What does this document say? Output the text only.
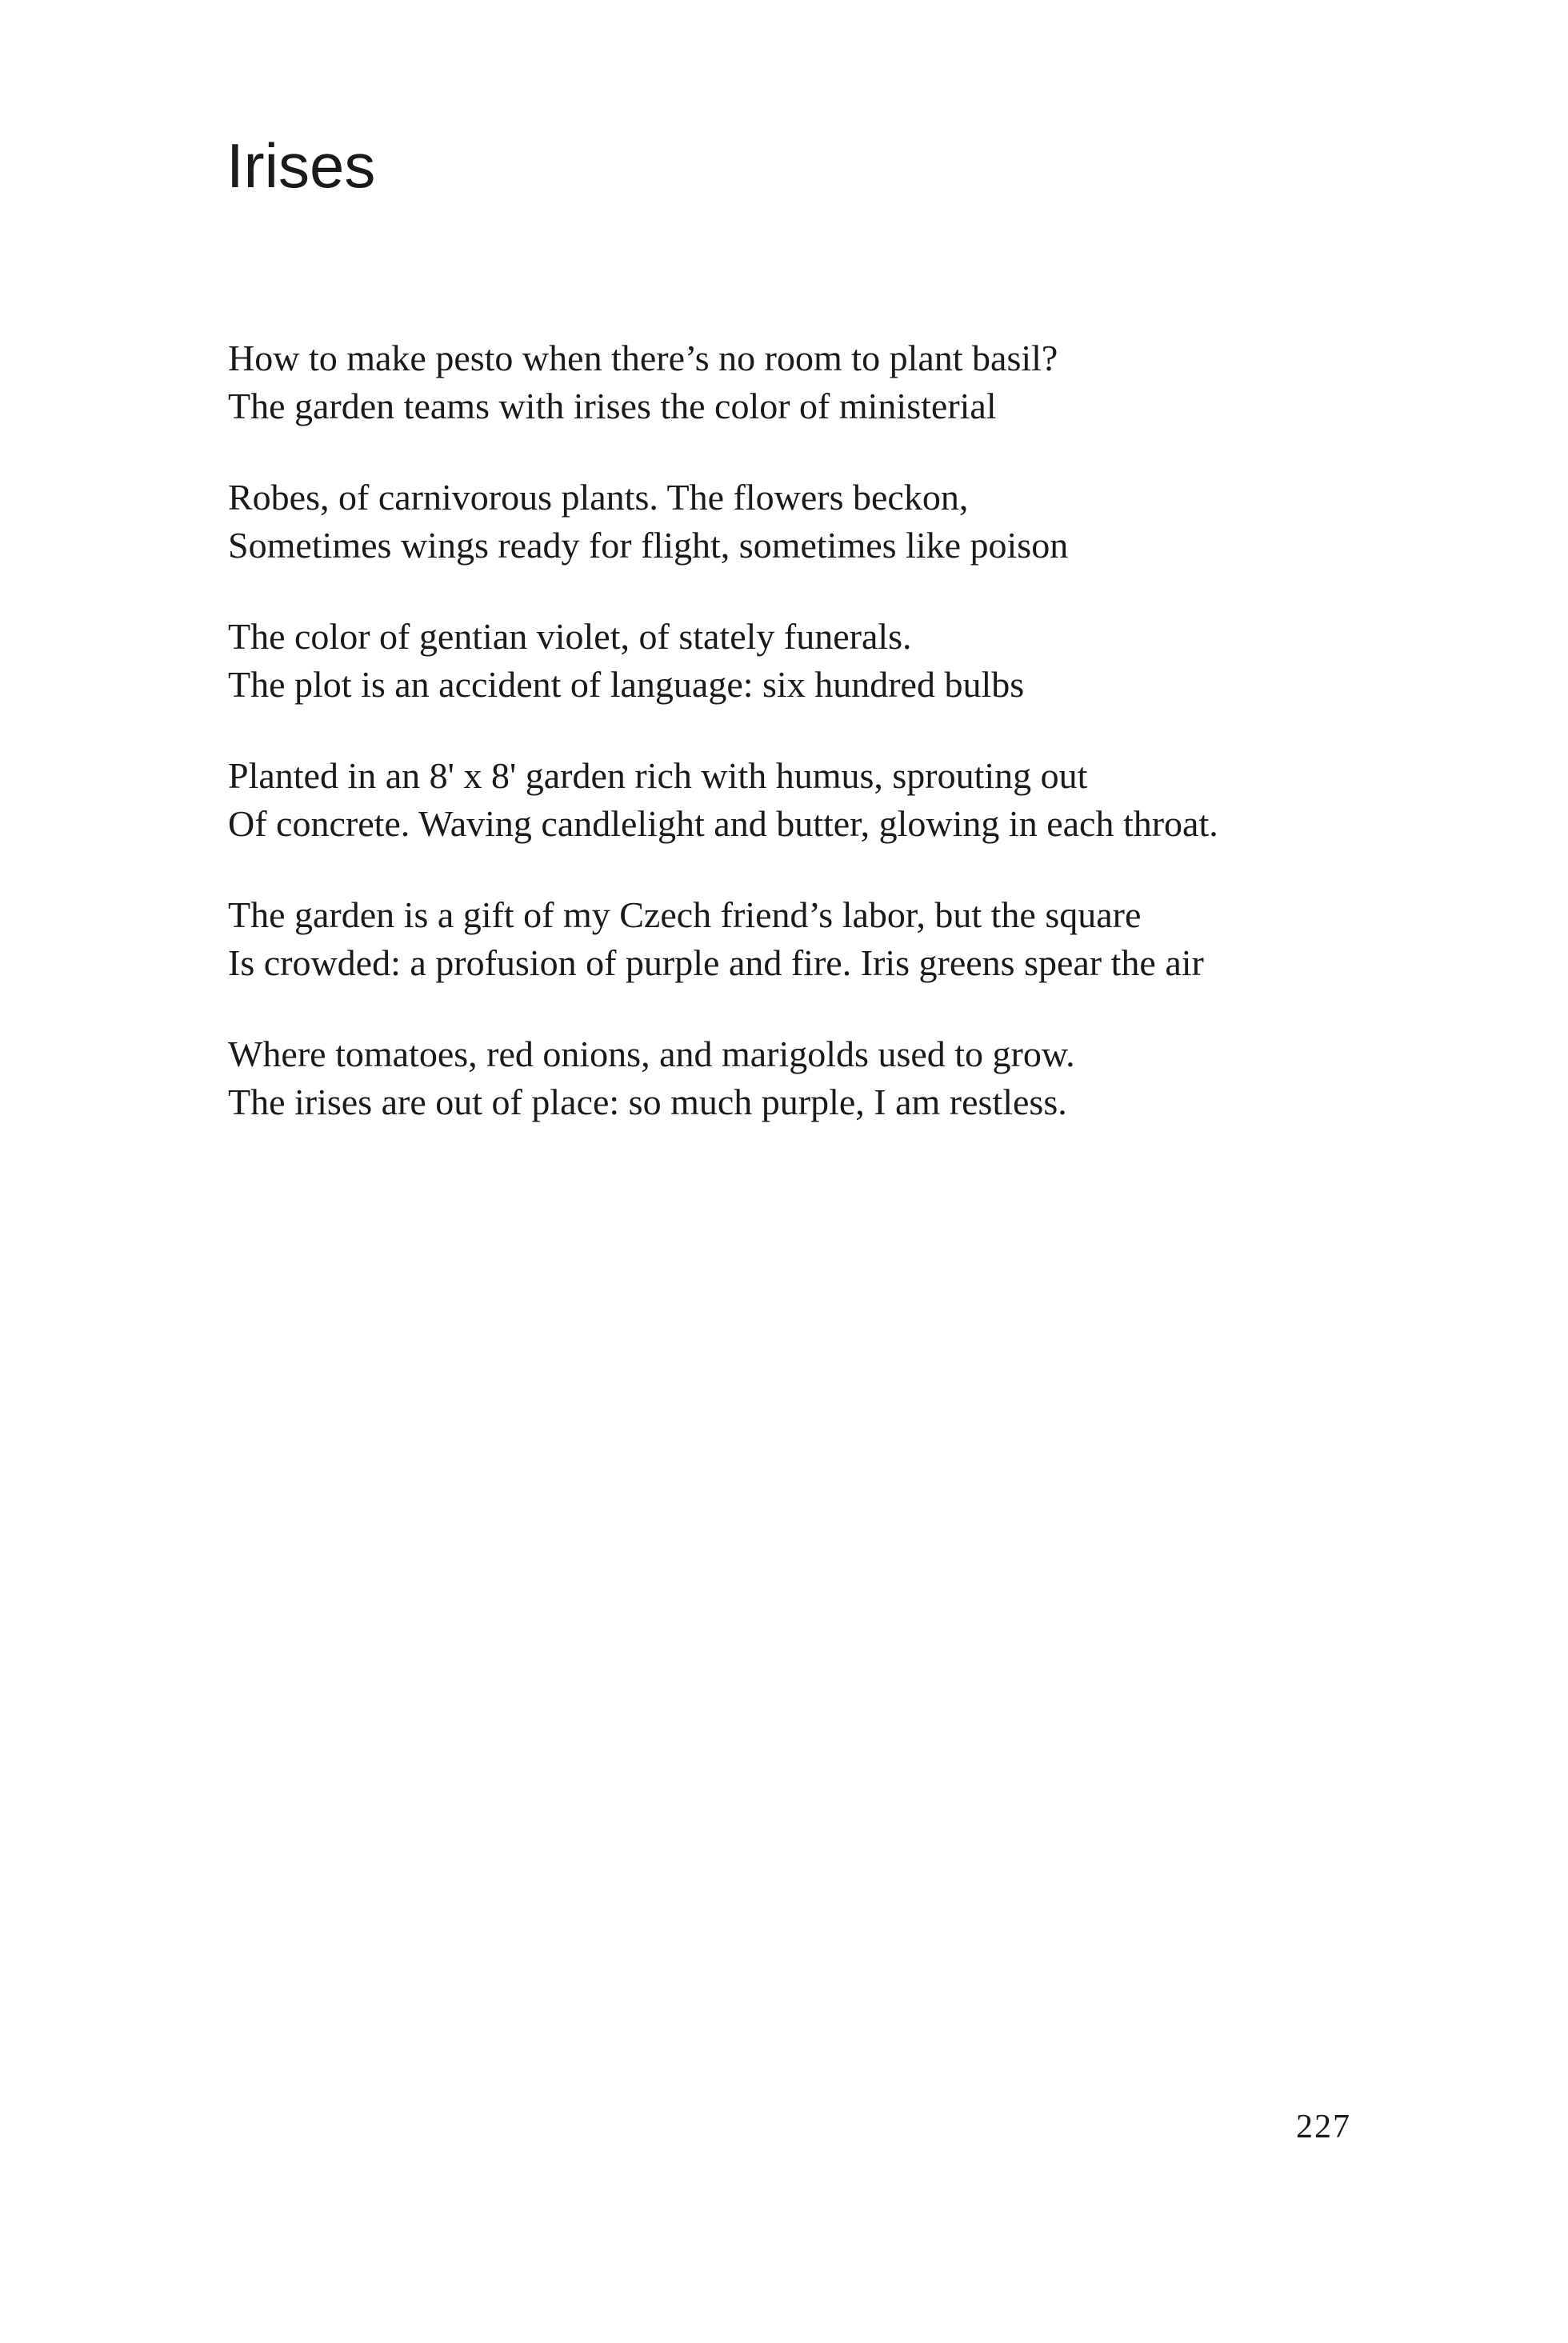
Irises
How to make pesto when there’s no room to plant basil?
The garden teams with irises the color of ministerial
Robes, of carnivorous plants. The flowers beckon,
Sometimes wings ready for flight, sometimes like poison
The color of gentian violet, of stately funerals.
The plot is an accident of language: six hundred bulbs
Planted in an 8' x 8' garden rich with humus, sprouting out
Of concrete. Waving candlelight and butter, glowing in each throat.
The garden is a gift of my Czech friend’s labor, but the square
Is crowded: a profusion of purple and fire. Iris greens spear the air
Where tomatoes, red onions, and marigolds used to grow.
The irises are out of place: so much purple, I am restless.
227
